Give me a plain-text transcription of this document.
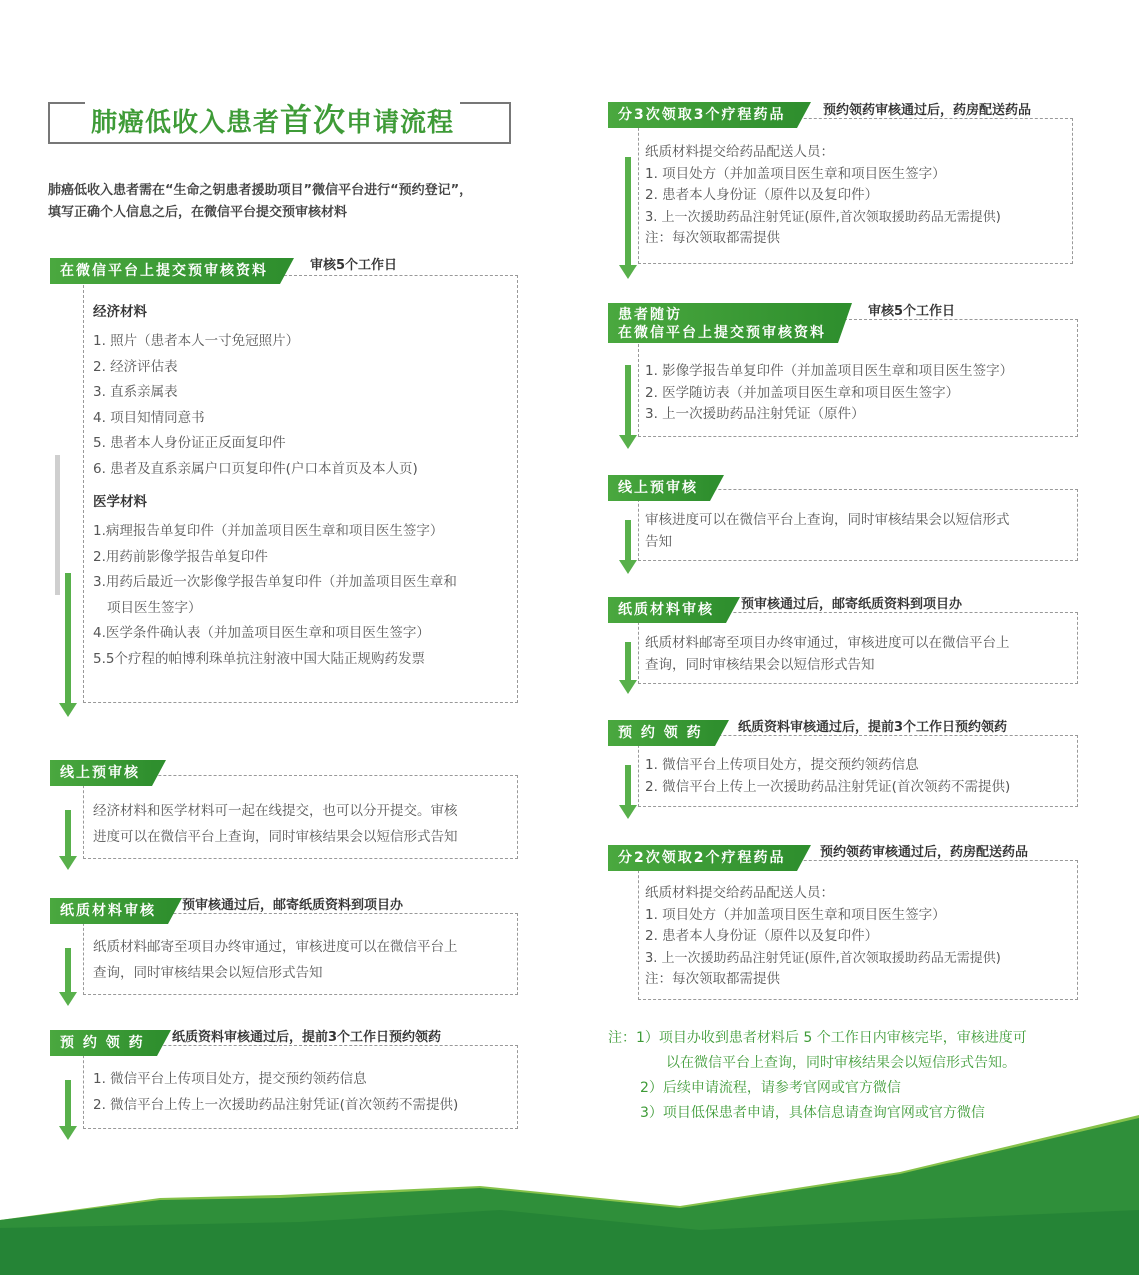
肺癌低收入患者首次申请流程
肺癌低收入患者需在“生命之钥患者援助项目”微信平台进行“预约登记”，
填写正确个人信息之后，在微信平台提交预审核材料
在微信平台上提交预审核资料	审核5个工作日
经济材料
1. 照片（患者本人一寸免冠照片）
2. 经济评估表
3. 直系亲属表
4. 项目知情同意书
5. 患者本人身份证正反面复印件
6. 患者及直系亲属户口页复印件(户口本首页及本人页)
医学材料
1.病理报告单复印件（并加盖项目医生章和项目医生签字）
2.用药前影像学报告单复印件
3.用药后最近一次影像学报告单复印件（并加盖项目医生章和
项目医生签字）
4.医学条件确认表（并加盖项目医生章和项目医生签字）
5.5个疗程的帕博利珠单抗注射液中国大陆正规购药发票
线上预审核
经济材料和医学材料可一起在线提交，也可以分开提交。审核
进度可以在微信平台上查询，同时审核结果会以短信形式告知
纸质材料审核	预审核通过后，邮寄纸质资料到项目办
纸质材料邮寄至项目办终审通过，审核进度可以在微信平台上
查询，同时审核结果会以短信形式告知
预 约 领 药	纸质资料审核通过后，提前3个工作日预约领药
1. 微信平台上传项目处方，提交预约领药信息
2. 微信平台上传上一次援助药品注射凭证(首次领药不需提供)
分3次领取3个疗程药品	预约领药审核通过后，药房配送药品
纸质材料提交给药品配送人员：
1. 项目处方（并加盖项目医生章和项目医生签字）
2. 患者本人身份证（原件以及复印件）
3. 上一次援助药品注射凭证(原件,首次领取援助药品无需提供)
注：每次领取都需提供
患者随访
在微信平台上提交预审核资料
审核5个工作日
1. 影像学报告单复印件（并加盖项目医生章和项目医生签字）
2. 医学随访表（并加盖项目医生章和项目医生签字）
3. 上一次援助药品注射凭证（原件）
线上预审核
审核进度可以在微信平台上查询，同时审核结果会以短信形式
告知
纸质材料审核	预审核通过后，邮寄纸质资料到项目办
纸质材料邮寄至项目办终审通过，审核进度可以在微信平台上
查询，同时审核结果会以短信形式告知
预 约 领 药	纸质资料审核通过后，提前3个工作日预约领药
1. 微信平台上传项目处方，提交预约领药信息
2. 微信平台上传上一次援助药品注射凭证(首次领药不需提供)
分2次领取2个疗程药品	预约领药审核通过后，药房配送药品
纸质材料提交给药品配送人员：
1. 项目处方（并加盖项目医生章和项目医生签字）
2. 患者本人身份证（原件以及复印件）
3. 上一次援助药品注射凭证(原件,首次领取援助药品无需提供)
注：每次领取都需提供
注：1）项目办收到患者材料后 5 个工作日内审核完毕，审核进度可
以在微信平台上查询，同时审核结果会以短信形式告知。
2）后续申请流程，请参考官网或官方微信
3）项目低保患者申请，具体信息请查询官网或官方微信
